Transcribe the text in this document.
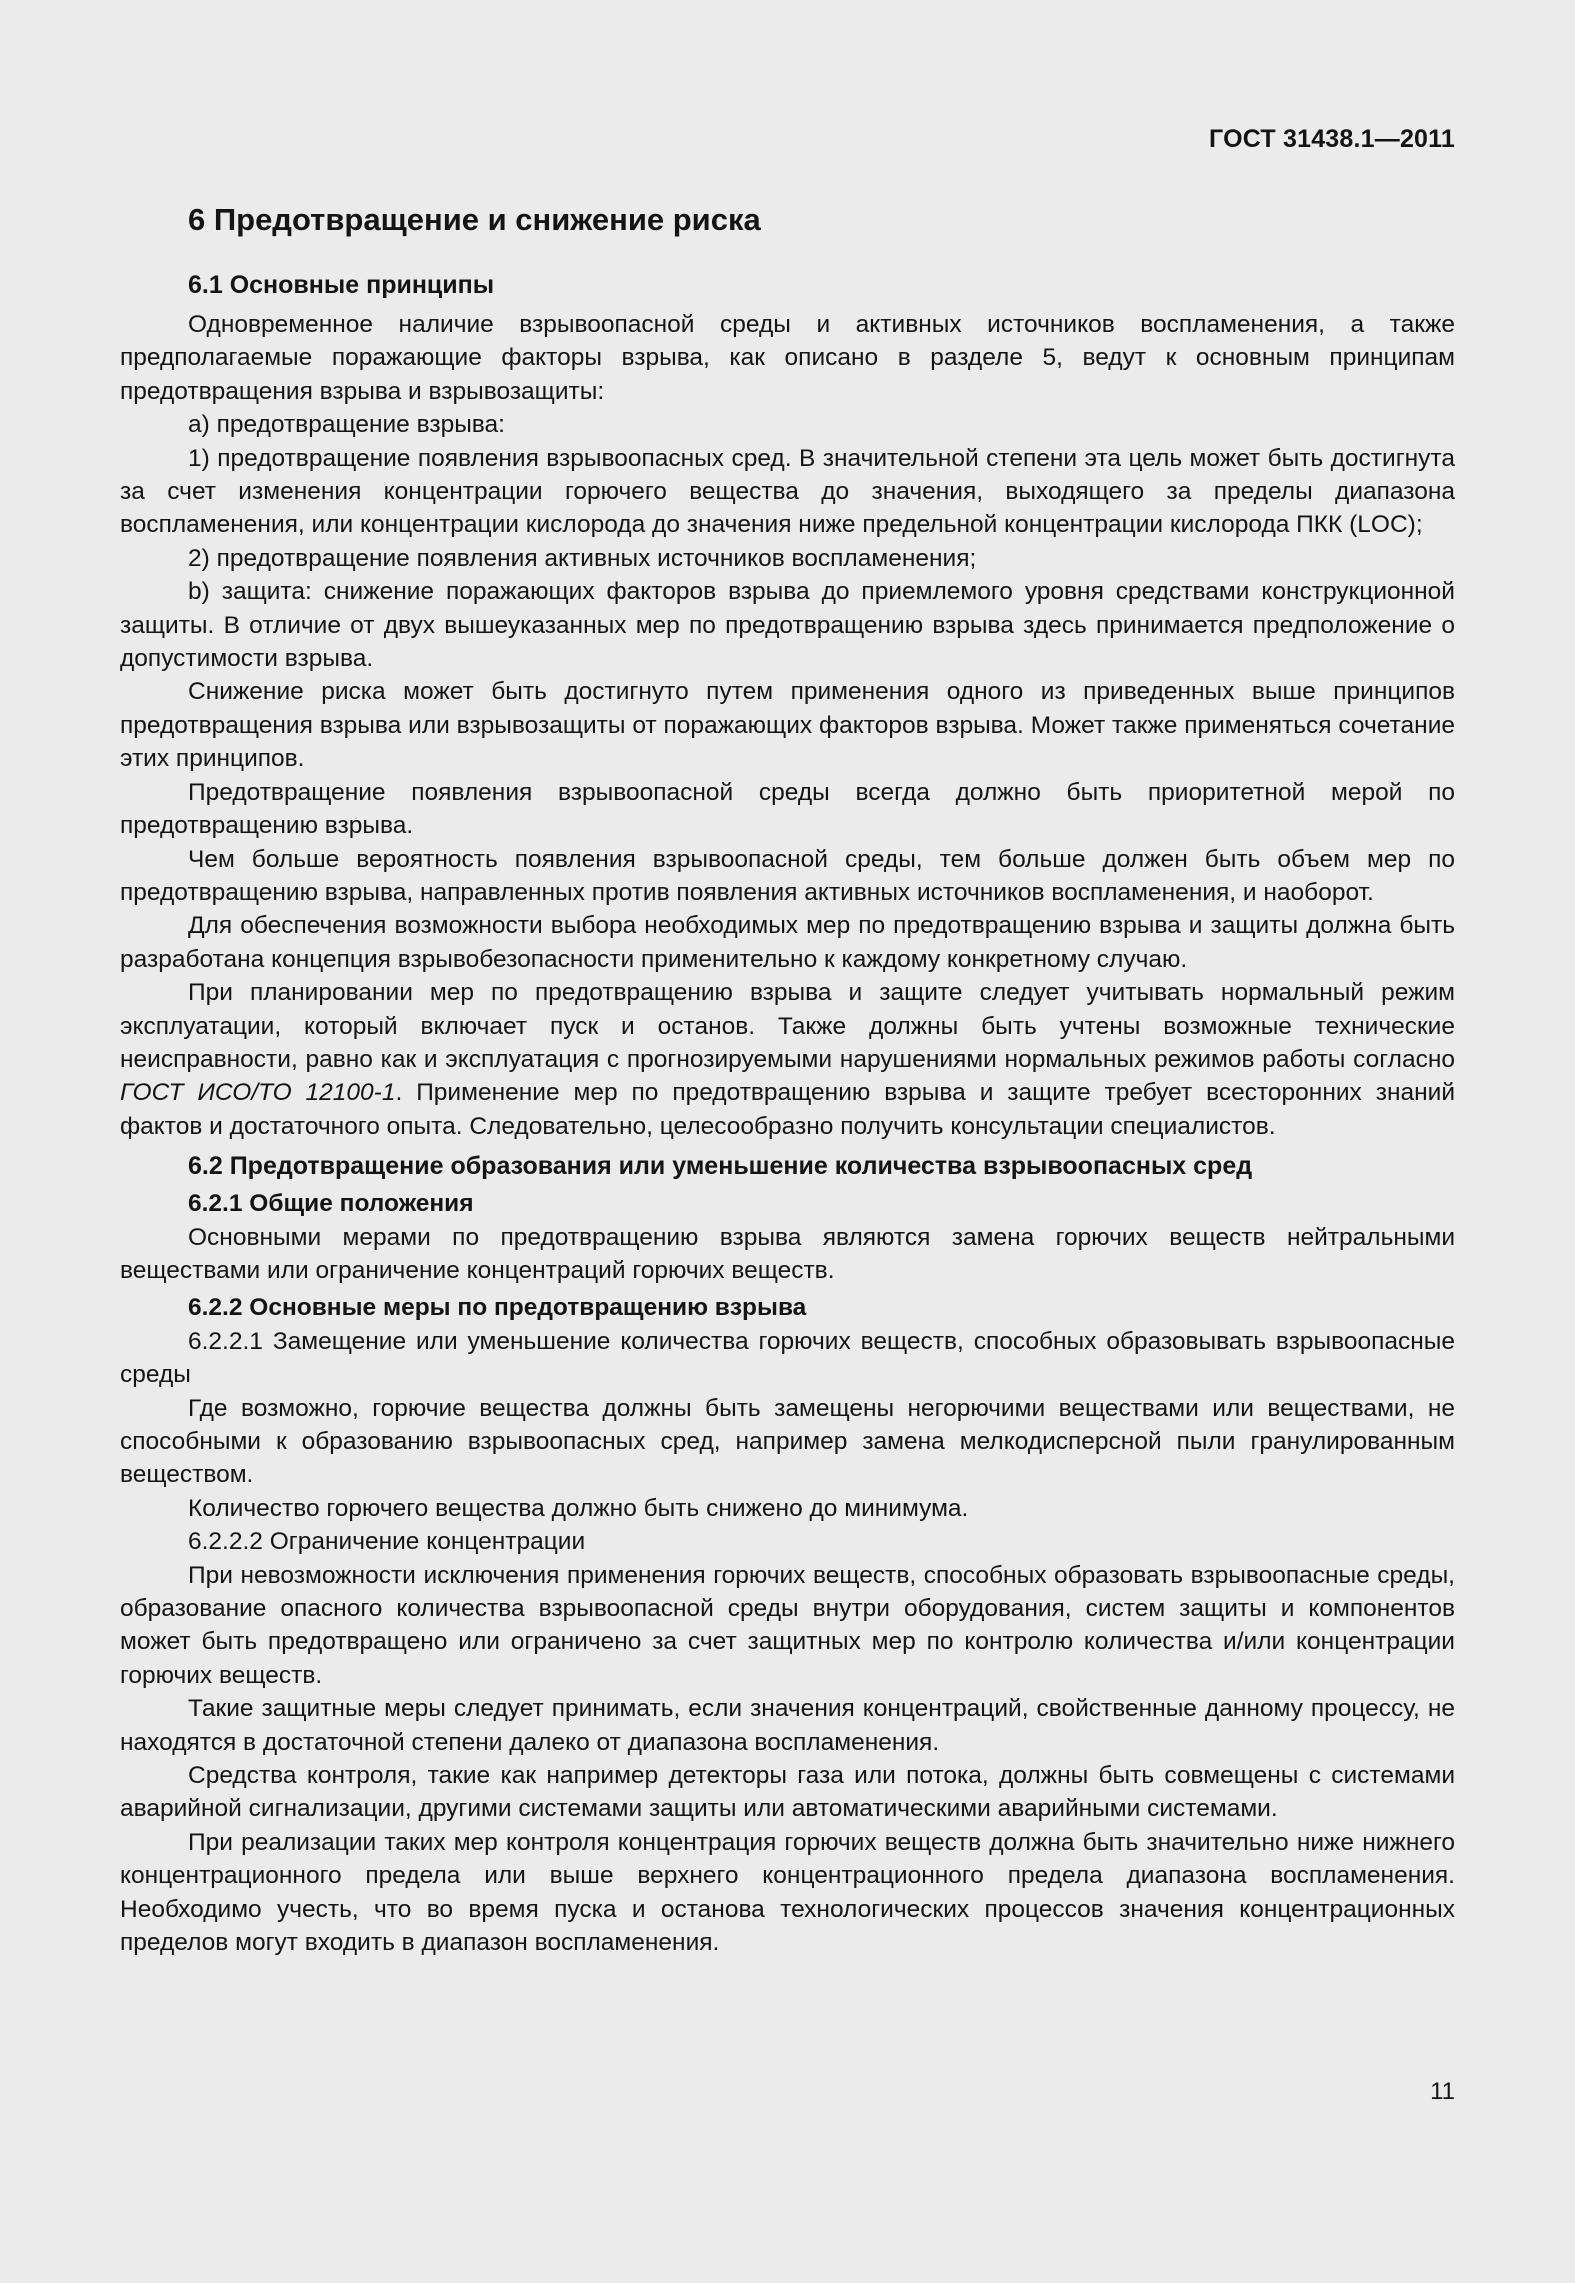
ГОСТ 31438.1—2011
6 Предотвращение и снижение риска
6.1 Основные принципы

Одновременное наличие взрывоопасной среды и активных источников воспламенения, а также предполагаемые поражающие факторы взрыва, как описано в разделе 5, ведут к основным принципам предотвращения взрыва и взрывозащиты:

a) предотвращение взрыва:

1) предотвращение появления взрывоопасных сред. В значительной степени эта цель может быть достигнута за счет изменения концентрации горючего вещества до значения, выходящего за пределы диапазона воспламенения, или концентрации кислорода до значения ниже предельной концентрации кислорода ПКК (LOC);

2) предотвращение появления активных источников воспламенения;

b) защита: снижение поражающих факторов взрыва до приемлемого уровня средствами конструкционной защиты. В отличие от двух вышеуказанных мер по предотвращению взрыва здесь принимается предположение о допустимости взрыва.

Снижение риска может быть достигнуто путем применения одного из приведенных выше принципов предотвращения взрыва или взрывозащиты от поражающих факторов взрыва. Может также применяться сочетание этих принципов.

Предотвращение появления взрывоопасной среды всегда должно быть приоритетной мерой по предотвращению взрыва.

Чем больше вероятность появления взрывоопасной среды, тем больше должен быть объем мер по предотвращению взрыва, направленных против появления активных источников воспламенения, и наоборот.

Для обеспечения возможности выбора необходимых мер по предотвращению взрыва и защиты должна быть разработана концепция взрывобезопасности применительно к каждому конкретному случаю.

При планировании мер по предотвращению взрыва и защите следует учитывать нормальный режим эксплуатации, который включает пуск и останов. Также должны быть учтены возможные технические неисправности, равно как и эксплуатация с прогнозируемыми нарушениями нормальных режимов работы согласно ГОСТ ИСО/ТО 12100-1. Применение мер по предотвращению взрыва и защите требует всесторонних знаний фактов и достаточного опыта. Следовательно, целесообразно получить консультации специалистов.

6.2 Предотвращение образования или уменьшение количества взрывоопасных сред
6.2.1 Общие положения

Основными мерами по предотвращению взрыва являются замена горючих веществ нейтральными веществами или ограничение концентраций горючих веществ.

6.2.2 Основные меры по предотвращению взрыва

6.2.2.1 Замещение или уменьшение количества горючих веществ, способных образовывать взрывоопасные среды

Где возможно, горючие вещества должны быть замещены негорючими веществами или веществами, не способными к образованию взрывоопасных сред, например замена мелкодисперсной пыли гранулированным веществом.

Количество горючего вещества должно быть снижено до минимума.

6.2.2.2 Ограничение концентрации

При невозможности исключения применения горючих веществ, способных образовать взрывоопасные среды, образование опасного количества взрывоопасной среды внутри оборудования, систем защиты и компонентов может быть предотвращено или ограничено за счет защитных мер по контролю количества и/или концентрации горючих веществ.

Такие защитные меры следует принимать, если значения концентраций, свойственные данному процессу, не находятся в достаточной степени далеко от диапазона воспламенения.

Средства контроля, такие как например детекторы газа или потока, должны быть совмещены с системами аварийной сигнализации, другими системами защиты или автоматическими аварийными системами.

При реализации таких мер контроля концентрация горючих веществ должна быть значительно ниже нижнего концентрационного предела или выше верхнего концентрационного предела диапазона воспламенения. Необходимо учесть, что во время пуска и останова технологических процессов значения концентрационных пределов могут входить в диапазон воспламенения.

11
